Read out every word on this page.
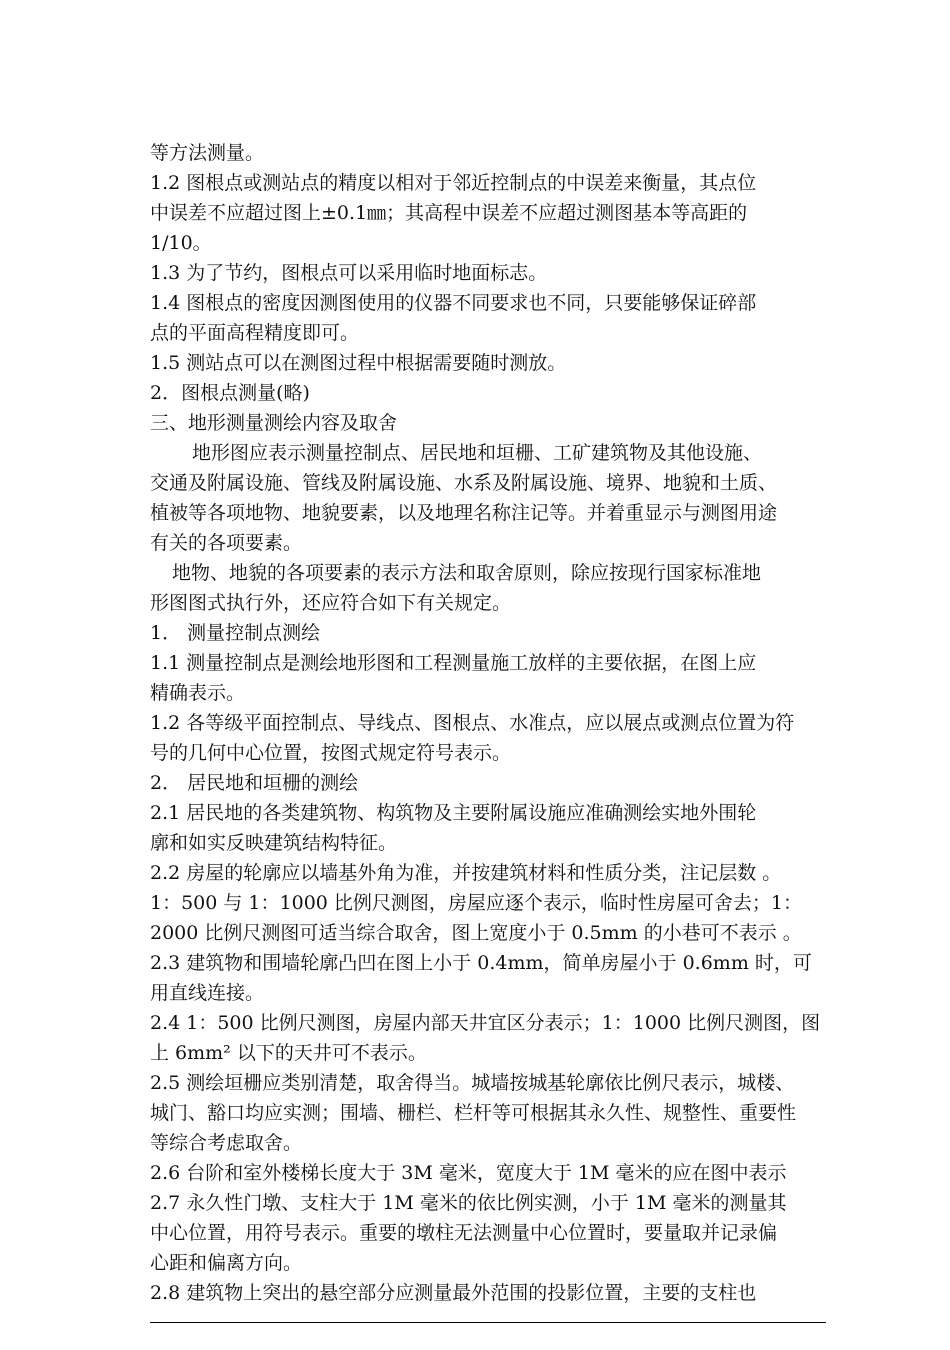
等方法测量。
1.2 图根点或测站点的精度以相对于邻近控制点的中误差来衡量，其点位
中误差不应超过图上±0.1㎜；其高程中误差不应超过测图基本等高距的
1/10。
1.3 为了节约，图根点可以采用临时地面标志。
1.4 图根点的密度因测图使用的仪器不同要求也不同，只要能够保证碎部
点的平面高程精度即可。
1.5 测站点可以在测图过程中根据需要随时测放。
2．图根点测量(略)
三、地形测量测绘内容及取舍
地形图应表示测量控制点、居民地和垣栅、工矿建筑物及其他设施、
交通及附属设施、管线及附属设施、水系及附属设施、境界、地貌和土质、
植被等各项地物、地貌要素，以及地理名称注记等。并着重显示与测图用途
有关的各项要素。
地物、地貌的各项要素的表示方法和取舍原则，除应按现行国家标准地
形图图式执行外，还应符合如下有关规定。
1． 测量控制点测绘
1.1 测量控制点是测绘地形图和工程测量施工放样的主要依据，在图上应
精确表示。
1.2 各等级平面控制点、导线点、图根点、水准点，应以展点或测点位置为符
号的几何中心位置，按图式规定符号表示。
2． 居民地和垣栅的测绘
2.1 居民地的各类建筑物、构筑物及主要附属设施应准确测绘实地外围轮
廓和如实反映建筑结构特征。
2.2 房屋的轮廓应以墙基外角为准，并按建筑材料和性质分类，注记层数 。
1：500 与 1：1000 比例尺测图，房屋应逐个表示，临时性房屋可舍去；1：
2000 比例尺测图可适当综合取舍，图上宽度小于 0.5mm 的小巷可不表示 。
2.3 建筑物和围墙轮廓凸凹在图上小于 0.4mm，简单房屋小于 0.6mm 时，可
用直线连接。
2.4 1：500 比例尺测图，房屋内部天井宜区分表示；1：1000 比例尺测图，图
上 6mm² 以下的天井可不表示。
2.5 测绘垣栅应类别清楚，取舍得当。城墙按城基轮廓依比例尺表示，城楼、
城门、豁口均应实测；围墙、栅栏、栏杆等可根据其永久性、规整性、重要性
等综合考虑取舍。
2.6 台阶和室外楼梯长度大于 3M 毫米，宽度大于 1M 毫米的应在图中表示
2.7 永久性门墩、支柱大于 1M 毫米的依比例实测，小于 1M 毫米的测量其
中心位置，用符号表示。重要的墩柱无法测量中心位置时，要量取并记录偏
心距和偏离方向。
2.8 建筑物上突出的悬空部分应测量最外范围的投影位置，主要的支柱也
